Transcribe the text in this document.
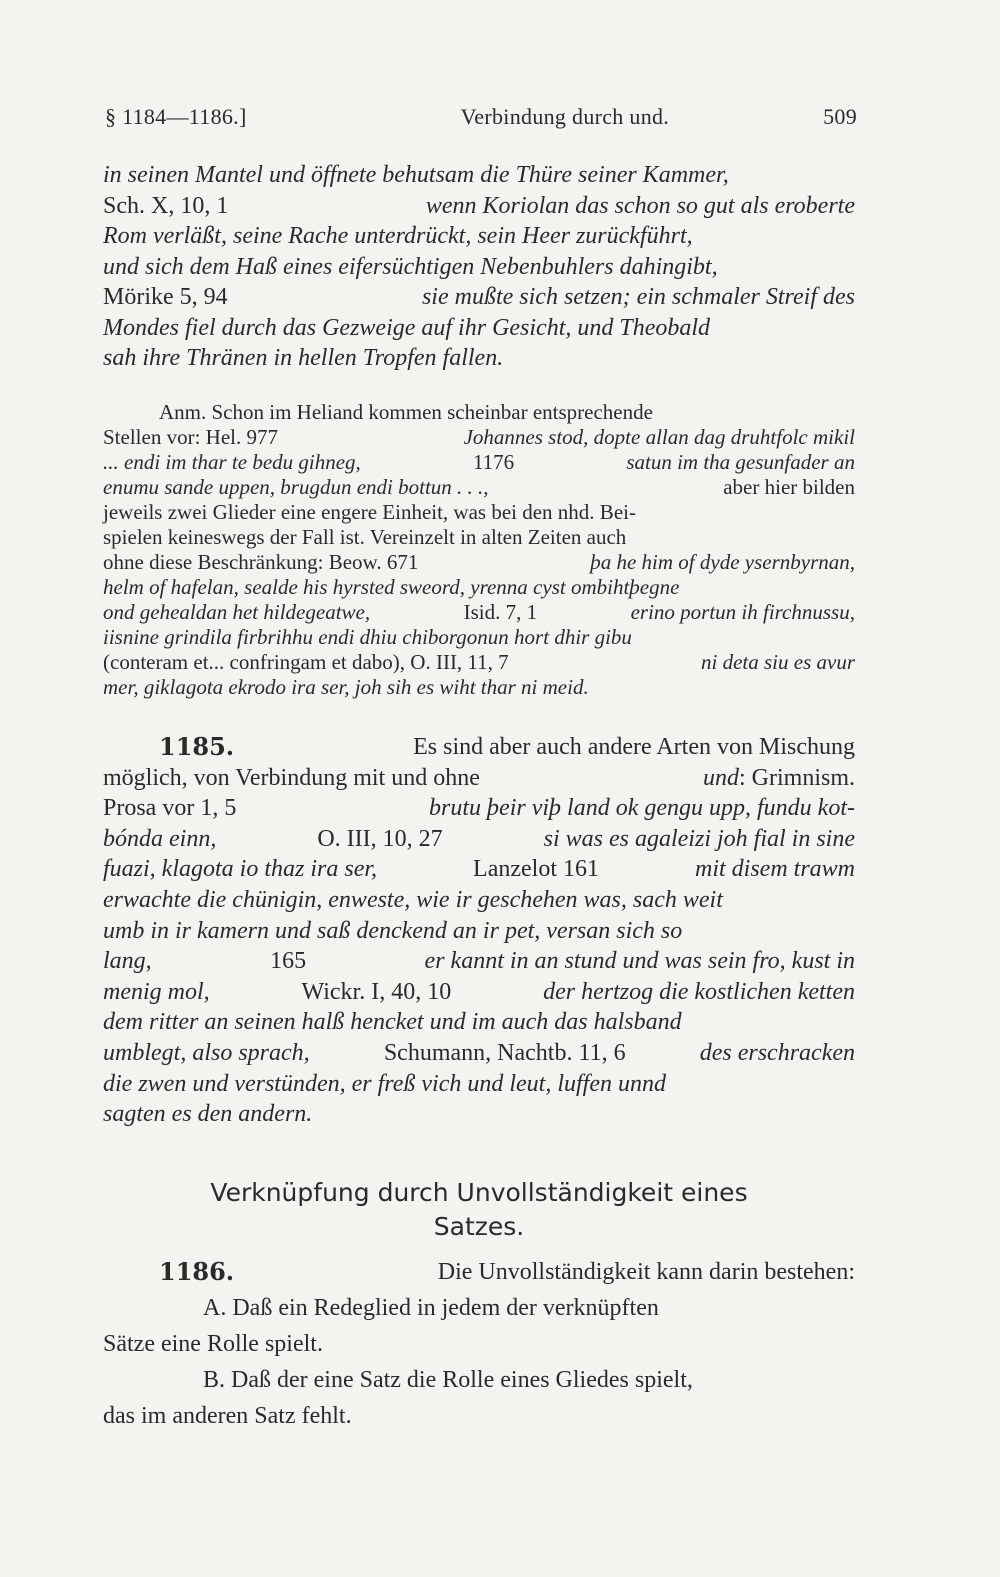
§ 1184—1186.]	Verbindung durch und.	509
in seinen Mantel und öffnete behutsam die Thüre seiner Kammer,
Sch. X, 10, 1	wenn Koriolan das schon so gut als eroberte
Rom verläßt, seine Rache unterdrückt, sein Heer zurückführt,
und sich dem Haß eines eifersüchtigen Nebenbuhlers dahingibt,
Mörike 5, 94	sie mußte sich setzen; ein schmaler Streif des
Mondes fiel durch das Gezweige auf ihr Gesicht, und Theobald
sah ihre Thränen in hellen Tropfen fallen.
Anm. Schon im Heliand kommen scheinbar entsprechende
Stellen vor: Hel. 977	Johannes stod, dopte allan dag druhtfolc mikil
... endi im thar te bedu gihneg,	1176	satun im tha gesunfader an
enumu sande uppen, brugdun endi bottun . . .,	aber hier bilden
jeweils zwei Glieder eine engere Einheit, was bei den nhd. Bei-
spielen keineswegs der Fall ist. Vereinzelt in alten Zeiten auch
ohne diese Beschränkung: Beow. 671	þa he him of dyde ysernbyrnan,
helm of hafelan, sealde his hyrsted sweord, yrenna cyst ombihtþegne
ond gehealdan het hildegeatwe,	Isid. 7, 1	erino portun ih firchnussu,
iisnine grindila firbrihhu endi dhiu chiborgonun hort dhir gibu
(conteram et... confringam et dabo), O. III, 11, 7	ni deta siu es avur
mer, giklagota ekrodo ira ser, joh sih es wiht thar ni meid.
1185.	Es sind aber auch andere Arten von Mischung
möglich, von Verbindung mit und ohne	und: Grimnism.
Prosa vor 1, 5	brutu þeir viþ land ok gengu upp, fundu kot-
bónda einn,	O. III, 10, 27	si was es agaleizi joh fial in sine
fuazi, klagota io thaz ira ser,	Lanzelot 161	mit disem trawm
erwachte die chünigin, enweste, wie ir geschehen was, sach weit
umb in ir kamern und saß denckend an ir pet, versan sich so
lang,	165	er kannt in an stund und was sein fro, kust in
menig mol,	Wickr. I, 40, 10	der hertzog die kostlichen ketten
dem ritter an seinen halß hencket und im auch das halsband
umblegt, also sprach,	Schumann, Nachtb. 11, 6	des erschracken
die zwen und verstünden, er freß vich und leut, luffen unnd
sagten es den andern.
Verknüpfung durch Unvollständigkeit eines
Satzes.
1186.	Die Unvollständigkeit kann darin bestehen:
A. Daß ein Redeglied in jedem der verknüpften
Sätze eine Rolle spielt.
B. Daß der eine Satz die Rolle eines Gliedes spielt,
das im anderen Satz fehlt.
